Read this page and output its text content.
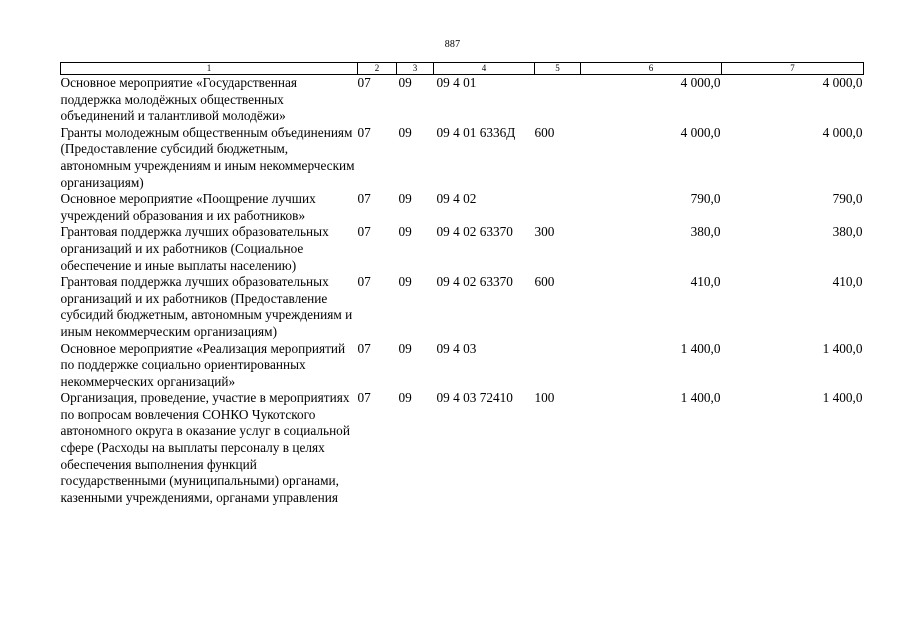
887
1	2	3	4	5	6	7
Основное мероприятие «Государственная поддержка молодёжных общественных объединений и талантливой молодёжи»	07	09	09 4 01		4 000,0	4 000,0
Гранты молодежным общественным объединениям (Предоставление субсидий бюджетным, автономным учреждениям и иным некоммерческим организациям)	07	09	09 4 01 6336Д	600	4 000,0	4 000,0
Основное мероприятие «Поощрение лучших учреждений образования и их работников»	07	09	09 4 02		790,0	790,0
Грантовая поддержка лучших образовательных организаций и их работников (Социальное обеспечение и иные выплаты населению)	07	09	09 4 02 63370	300	380,0	380,0
Грантовая поддержка лучших образовательных организаций и их работников (Предоставление субсидий бюджетным, автономным учреждениям и иным некоммерческим организациям)	07	09	09 4 02 63370	600	410,0	410,0
Основное мероприятие «Реализация мероприятий по поддержке социально ориентированных некоммерческих организаций»	07	09	09 4 03		1 400,0	1 400,0
Организация, проведение, участие в мероприятиях по вопросам вовлечения СОНКО Чукотского автономного округа в оказание услуг в социальной сфере (Расходы на выплаты персоналу в целях обеспечения выполнения функций государственными (муниципальными) органами, казенными учреждениями, органами управления	07	09	09 4 03 72410	100	1 400,0	1 400,0
